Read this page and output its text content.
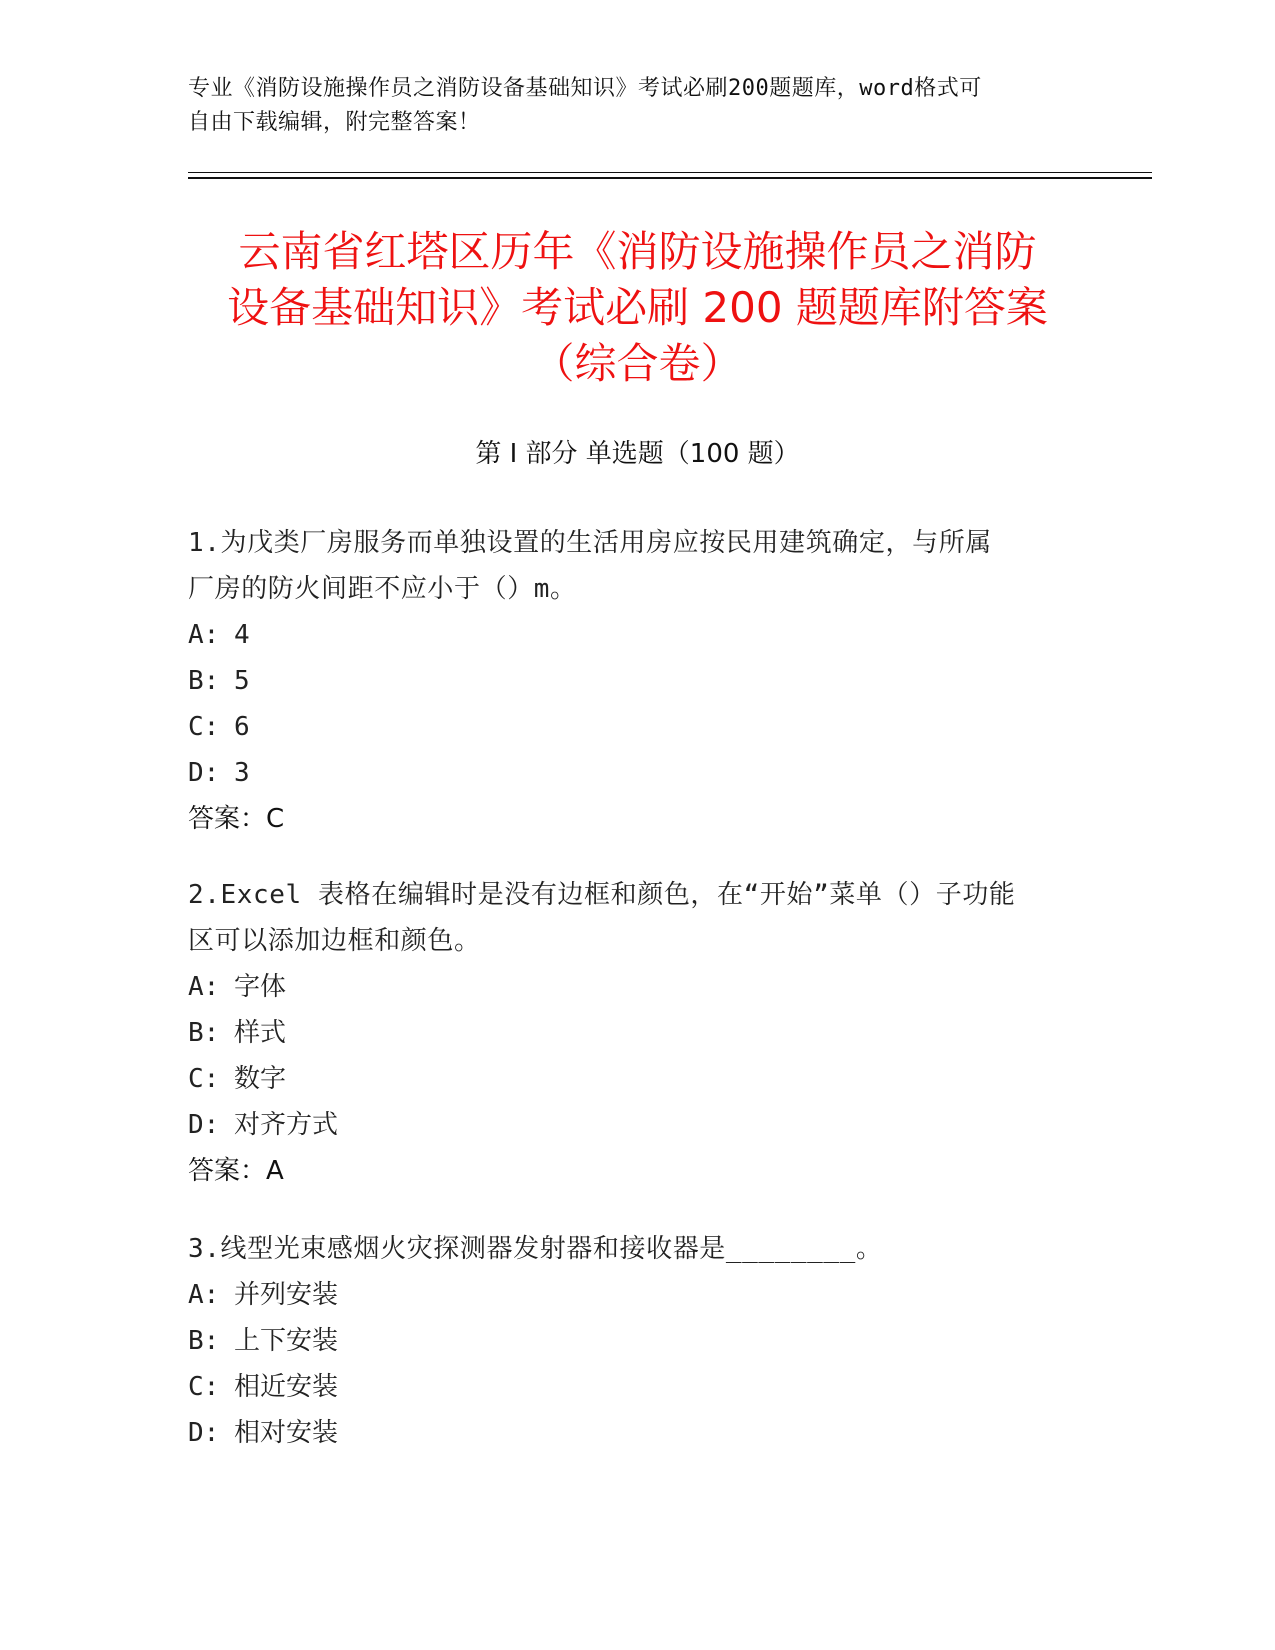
专业《消防设施操作员之消防设备基础知识》考试必刷200题题库，word格式可
自由下载编辑，附完整答案！
云南省红塔区历年《消防设施操作员之消防
设备基础知识》考试必刷 200 题题库附答案
（综合卷）
第 I 部分 单选题（100 题）
1.为戊类厂房服务而单独设置的生活用房应按民用建筑确定，与所属
厂房的防火间距不应小于（）m。
A: 4
B: 5
C: 6
D: 3
答案：C
2.Excel 表格在编辑时是没有边框和颜色，在“开始”菜单（）子功能
区可以添加边框和颜色。
A: 字体
B: 样式
C: 数字
D: 对齐方式
答案：A
3.线型光束感烟火灾探测器发射器和接收器是________。
A: 并列安装
B: 上下安装
C: 相近安装
D: 相对安装
